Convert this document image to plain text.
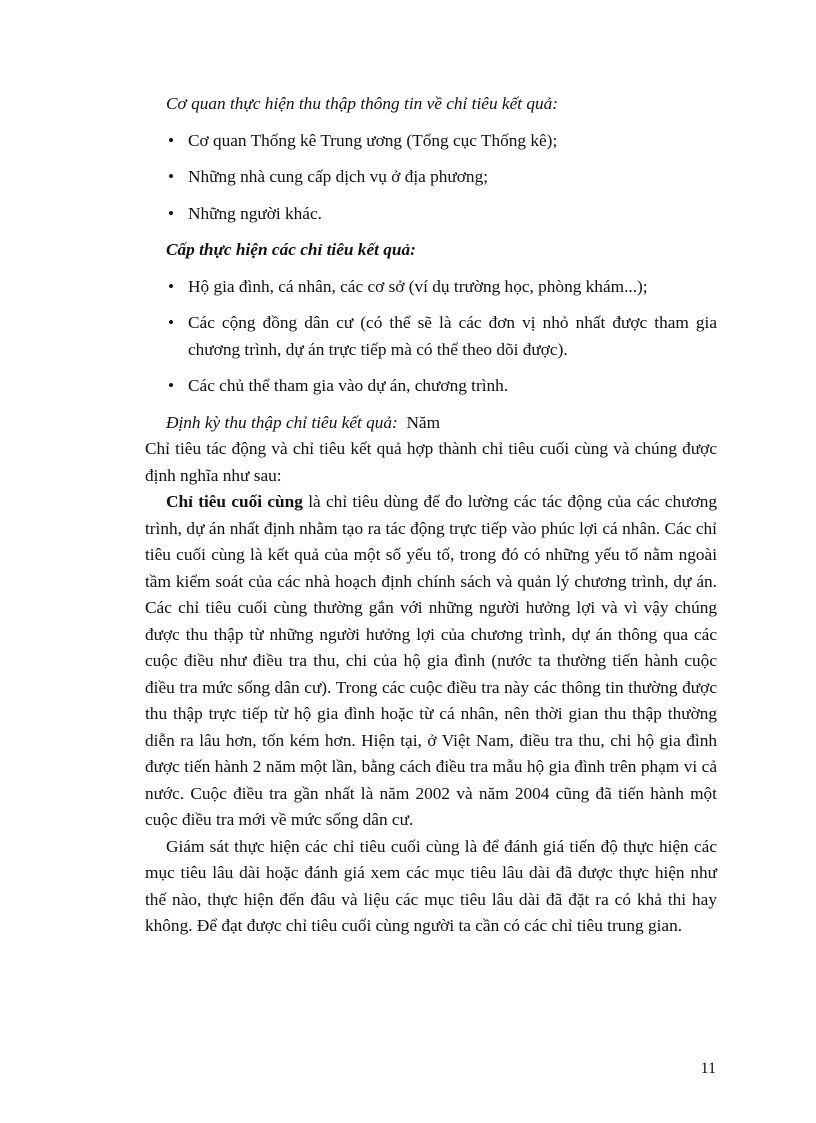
Cơ quan thực hiện thu thập thông tin về chỉ tiêu kết quả:

• Cơ quan Thống kê Trung ương (Tổng cục Thống kê);
• Những nhà cung cấp dịch vụ ở địa phương;
• Những người khác.

Cấp thực hiện các chỉ tiêu kết quả:

• Hộ gia đình, cá nhân, các cơ sở (ví dụ trường học, phòng khám...);
• Các cộng đồng dân cư (có thể sẽ là các đơn vị nhỏ nhất được tham gia chương trình, dự án trực tiếp mà có thể theo dõi được).
• Các chủ thể tham gia vào dự án, chương trình.

Định kỳ thu thập chỉ tiêu kết quả: Năm

Chỉ tiêu tác động và chỉ tiêu kết quả hợp thành chỉ tiêu cuối cùng và chúng được định nghĩa như sau:

Chỉ tiêu cuối cùng là chỉ tiêu dùng để đo lường các tác động của các chương trình, dự án nhất định nhằm tạo ra tác động trực tiếp vào phúc lợi cá nhân. Các chỉ tiêu cuối cùng là kết quả của một số yếu tố, trong đó có những yếu tố nằm ngoài tầm kiểm soát của các nhà hoạch định chính sách và quản lý chương trình, dự án. Các chỉ tiêu cuối cùng thường gắn với những người hưởng lợi và vì vậy chúng được thu thập từ những người hưởng lợi của chương trình, dự án thông qua các cuộc điều như điều tra thu, chi của hộ gia đình (nước ta thường tiến hành cuộc điều tra mức sống dân cư). Trong các cuộc điều tra này các thông tin thường được thu thập trực tiếp từ hộ gia đình hoặc từ cá nhân, nên thời gian thu thập thường diễn ra lâu hơn, tốn kém hơn. Hiện tại, ở Việt Nam, điều tra thu, chi hộ gia đình được tiến hành 2 năm một lần, bằng cách điều tra mẫu hộ gia đình trên phạm vi cả nước. Cuộc điều tra gần nhất là năm 2002 và năm 2004 cũng đã tiến hành một cuộc điều tra mới về mức sống dân cư.

Giám sát thực hiện các chỉ tiêu cuối cùng là để đánh giá tiến độ thực hiện các mục tiêu lâu dài hoặc đánh giá xem các mục tiêu lâu dài đã được thực hiện như thế nào, thực hiện đến đâu và liệu các mục tiêu lâu dài đã đặt ra có khả thi hay không. Để đạt được chỉ tiêu cuối cùng người ta cần có các chỉ tiêu trung gian.

11
